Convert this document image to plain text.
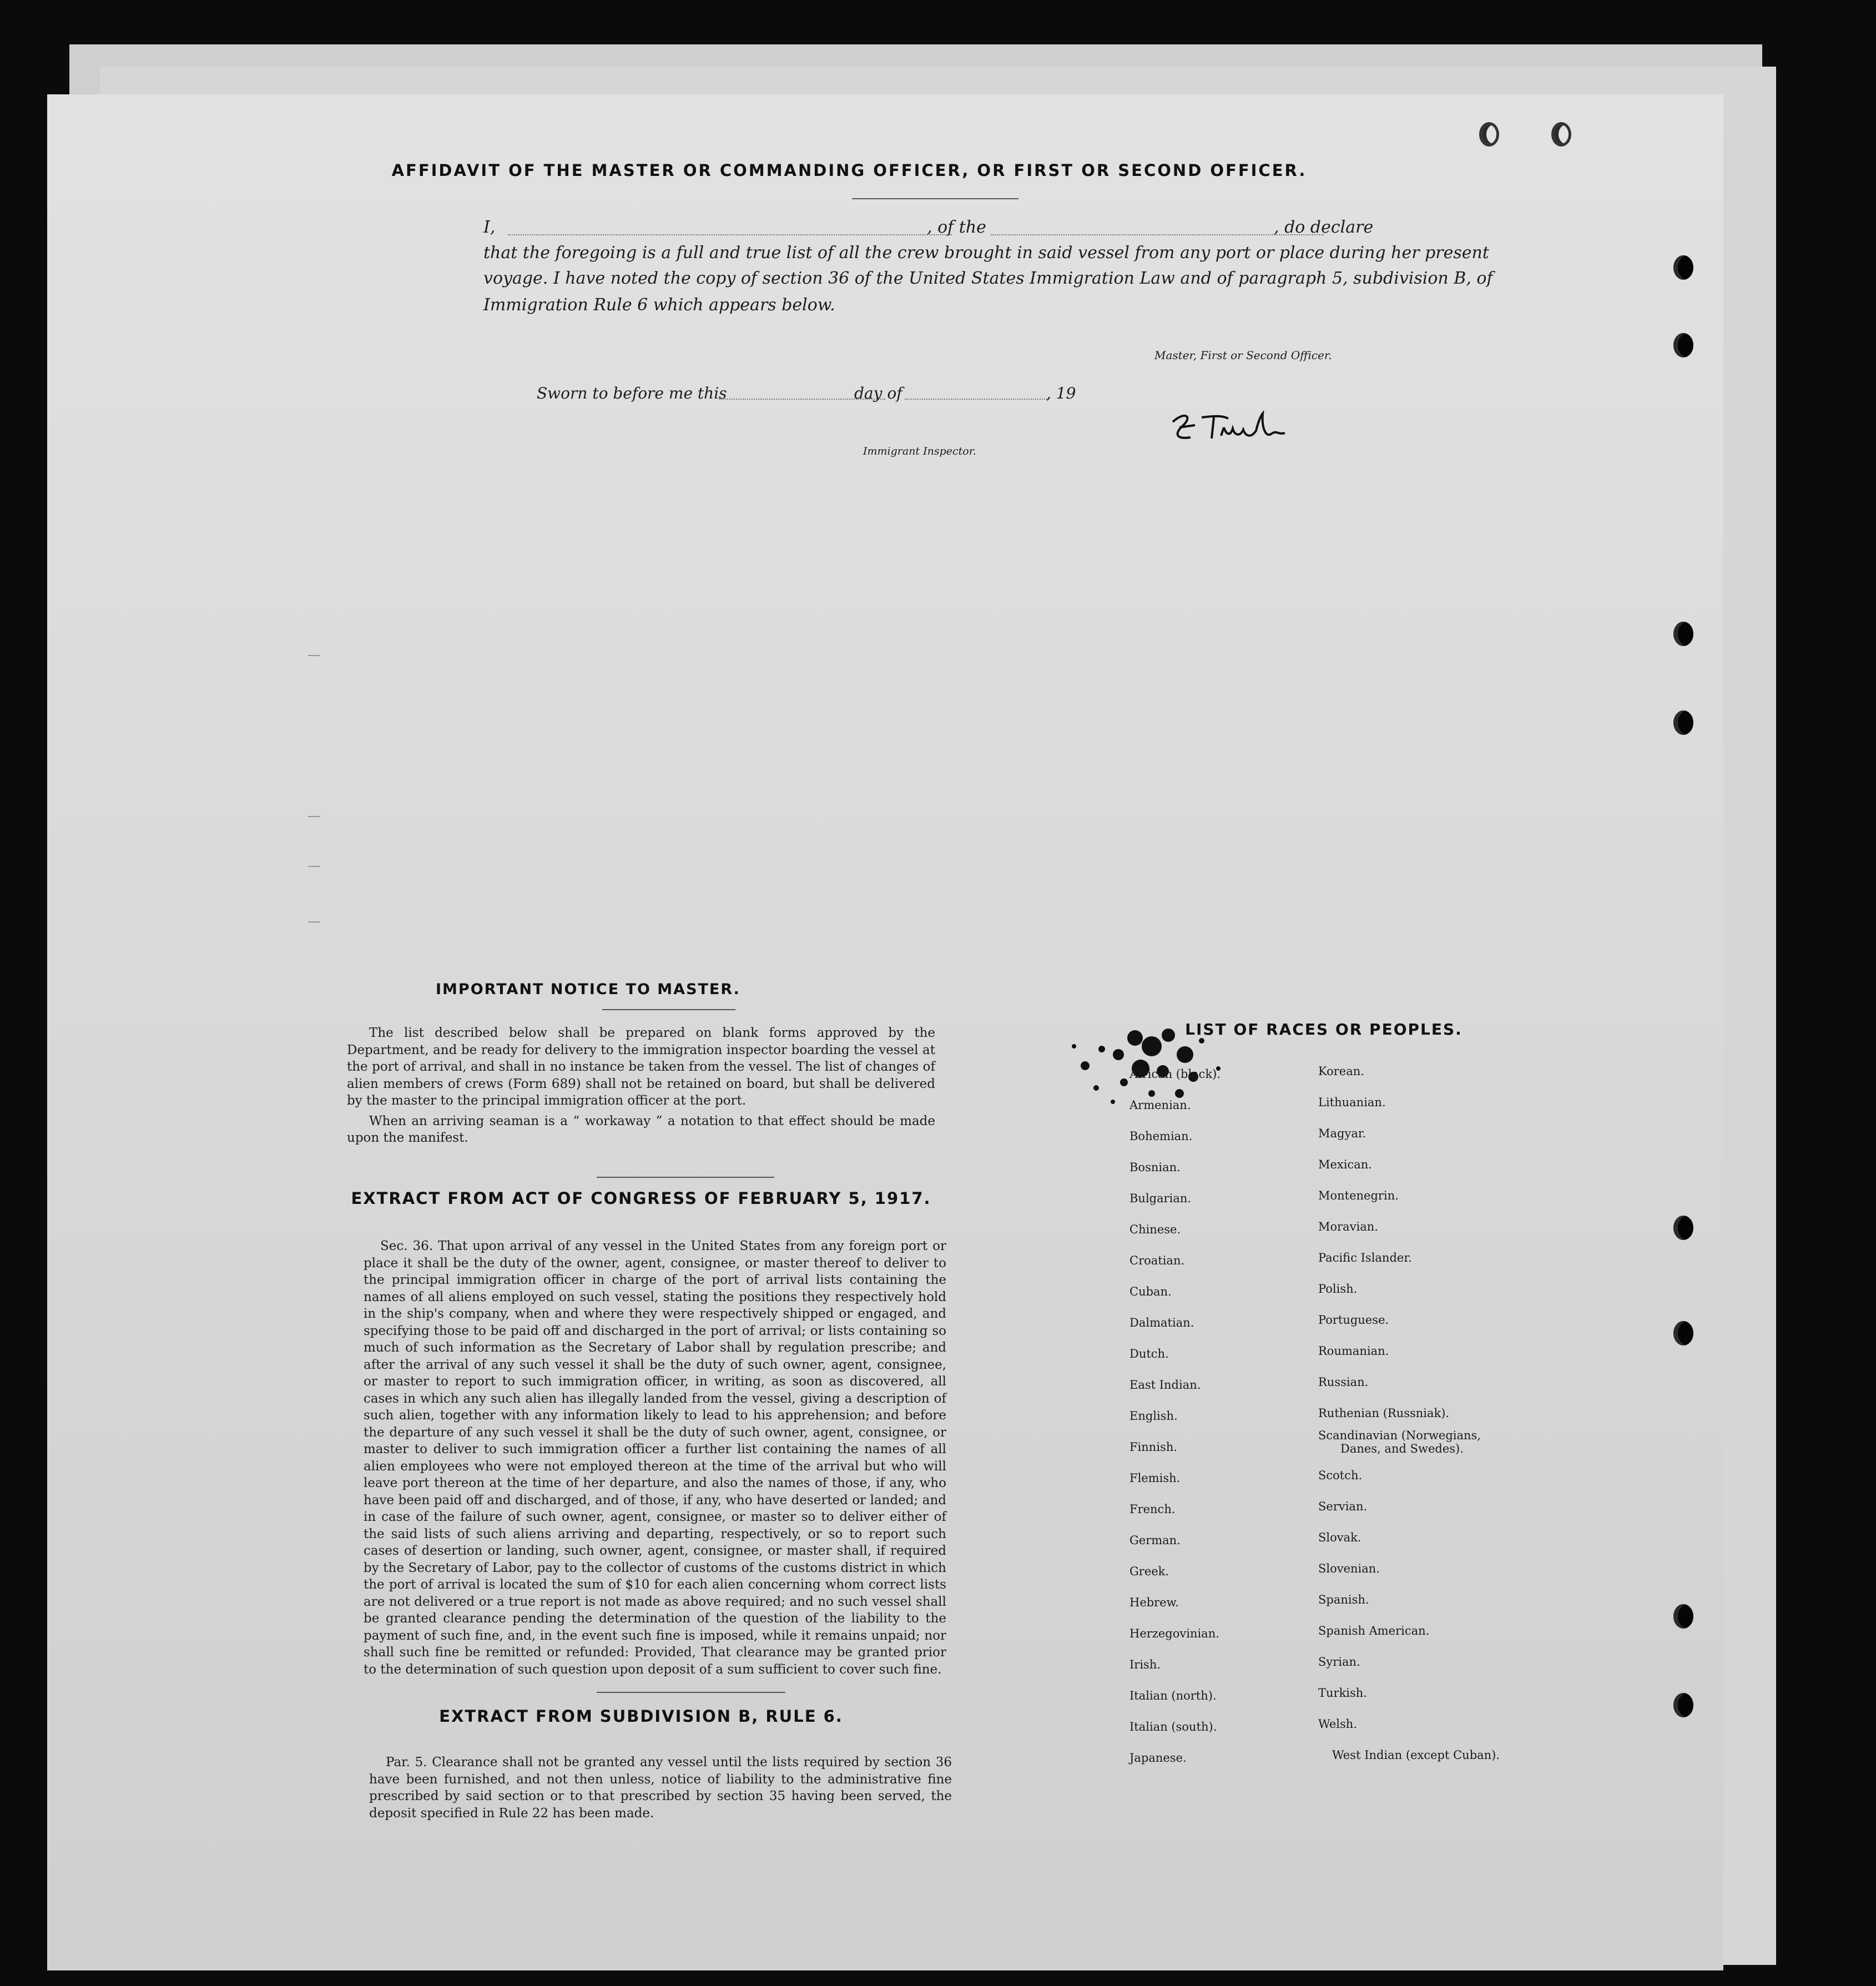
AFFIDAVIT OF THE MASTER OR COMMANDING OFFICER, OR FIRST OR SECOND OFFICER.
I,	, of the	, do declare
that the foregoing is a full and true list of all the crew brought in said vessel from any port or place during her present
voyage. I have noted the copy of section 36 of the United States Immigration Law and of paragraph 5, subdivision B, of
Immigration Rule 6 which appears below.
Master, First or Second Officer.
Sworn to before me this	day of	, 19
Immigrant Inspector.
IMPORTANT NOTICE TO MASTER.

The list described below shall be prepared on blank forms approved by the Department, and be ready for delivery to the immigration inspector boarding the vessel at the port of arrival, and shall in no instance be taken from the vessel. The list of changes of alien members of crews (Form 689) shall not be retained on board, but shall be delivered by the master to the principal immigration officer at the port.

When an arriving seaman is a “ workaway ” a notation to that effect should be made upon the manifest.

EXTRACT FROM ACT OF CONGRESS OF FEBRUARY 5, 1917.

Sec. 36. That upon arrival of any vessel in the United States from any foreign port or place it shall be the duty of the owner, agent, consignee, or master thereof to deliver to the principal immigration officer in charge of the port of arrival lists containing the names of all aliens employed on such vessel, stating the positions they respectively hold in the ship's company, when and where they were respectively shipped or engaged, and specifying those to be paid off and discharged in the port of arrival; or lists containing so much of such information as the Secretary of Labor shall by regulation prescribe; and after the arrival of any such vessel it shall be the duty of such owner, agent, consignee, or master to report to such immigration officer, in writing, as soon as discovered, all cases in which any such alien has illegally landed from the vessel, giving a description of such alien, together with any information likely to lead to his apprehension; and before the departure of any such vessel it shall be the duty of such owner, agent, consignee, or master to deliver to such immigration officer a further list containing the names of all alien employees who were not employed thereon at the time of the arrival but who will leave port thereon at the time of her departure, and also the names of those, if any, who have been paid off and discharged, and of those, if any, who have deserted or landed; and in case of the failure of such owner, agent, consignee, or master so to deliver either of the said lists of such aliens arriving and departing, respectively, or so to report such cases of desertion or landing, such owner, agent, consignee, or master shall, if required by the Secretary of Labor, pay to the collector of customs of the customs district in which the port of arrival is located the sum of $10 for each alien concerning whom correct lists are not delivered or a true report is not made as above required; and no such vessel shall be granted clearance pending the determination of the question of the liability to the payment of such fine, and, in the event such fine is imposed, while it remains unpaid; nor shall such fine be remitted or refunded: Provided, That clearance may be granted prior to the determination of such question upon deposit of a sum sufficient to cover such fine.

EXTRACT FROM SUBDIVISION B, RULE 6.

Par. 5. Clearance shall not be granted any vessel until the lists required by section 36 have been furnished, and not then unless, notice of liability to the administrative fine prescribed by said section or to that prescribed by section 35 having been served, the deposit specified in Rule 22 has been made.

LIST OF RACES OR PEOPLES.
African (black).
Armenian.
Bohemian.
Bosnian.
Bulgarian.
Chinese.
Croatian.
Cuban.
Dalmatian.
Dutch.
East Indian.
English.
Finnish.
Flemish.
French.
German.
Greek.
Hebrew.
Herzegovinian.
Irish.
Italian (north).
Italian (south).
Japanese.
Korean.
Lithuanian.
Magyar.
Mexican.
Montenegrin.
Moravian.
Pacific Islander.
Polish.
Portuguese.
Roumanian.
Russian.
Ruthenian (Russniak).
Scandinavian (Norwegians,
Danes, and Swedes).
Scotch.
Servian.
Slovak.
Slovenian.
Spanish.
Spanish American.
Syrian.
Turkish.
Welsh.
West Indian (except Cuban).
